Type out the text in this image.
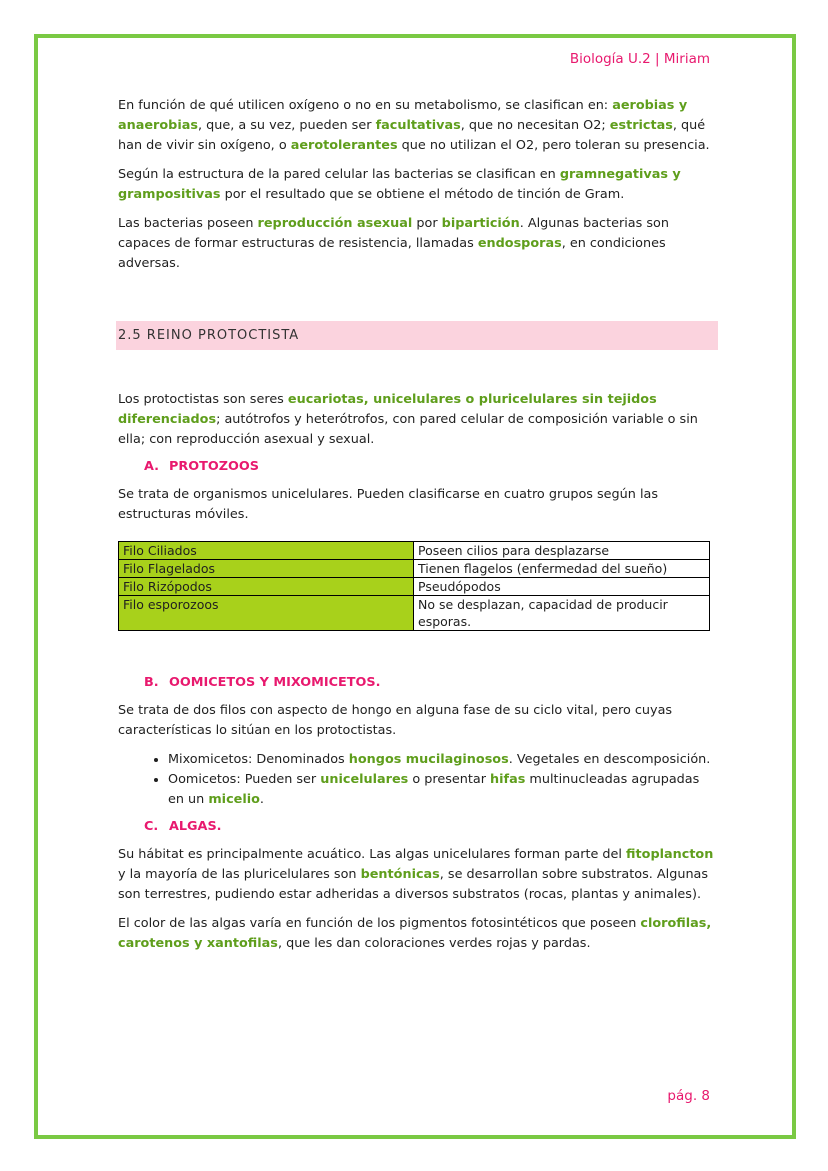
Biología U.2 | Miriam

En función de qué utilicen oxígeno o no en su metabolismo, se clasifican en: aerobias y anaerobias, que, a su vez, pueden ser facultativas, que no necesitan O2; estrictas, qué han de vivir sin oxígeno, o aerotolerantes que no utilizan el O2, pero toleran su presencia.

Según la estructura de la pared celular las bacterias se clasifican en gramnegativas y grampositivas por el resultado que se obtiene el método de tinción de Gram.

Las bacterias poseen reproducción asexual por bipartición. Algunas bacterias son capaces de formar estructuras de resistencia, llamadas endosporas, en condiciones adversas.

2.5 REINO PROTOCTISTA

Los protoctistas son seres eucariotas, unicelulares o pluricelulares sin tejidos diferenciados; autótrofos y heterótrofos, con pared celular de composición variable o sin ella; con reproducción asexual y sexual.

A. PROTOZOOS

Se trata de organismos unicelulares. Pueden clasificarse en cuatro grupos según las estructuras móviles.

Filo Ciliados	Poseen cilios para desplazarse
Filo Flagelados	Tienen flagelos (enfermedad del sueño)
Filo Rizópodos	Pseudópodos
Filo esporozoos	No se desplazan, capacidad de producir esporas.
B. OOMICETOS Y MIXOMICETOS.

Se trata de dos filos con aspecto de hongo en alguna fase de su ciclo vital, pero cuyas características lo sitúan en los protoctistas.

• Mixomicetos: Denominados hongos mucilaginosos. Vegetales en descomposición.
• Oomicetos: Pueden ser unicelulares o presentar hifas multinucleadas agrupadas en un micelio.
C. ALGAS.

Su hábitat es principalmente acuático. Las algas unicelulares forman parte del fitoplancton y la mayoría de las pluricelulares son bentónicas, se desarrollan sobre substratos. Algunas son terrestres, pudiendo estar adheridas a diversos substratos (rocas, plantas y animales).

El color de las algas varía en función de los pigmentos fotosintéticos que poseen clorofilas, carotenos y xantofilas, que les dan coloraciones verdes rojas y pardas.

pág. 8
